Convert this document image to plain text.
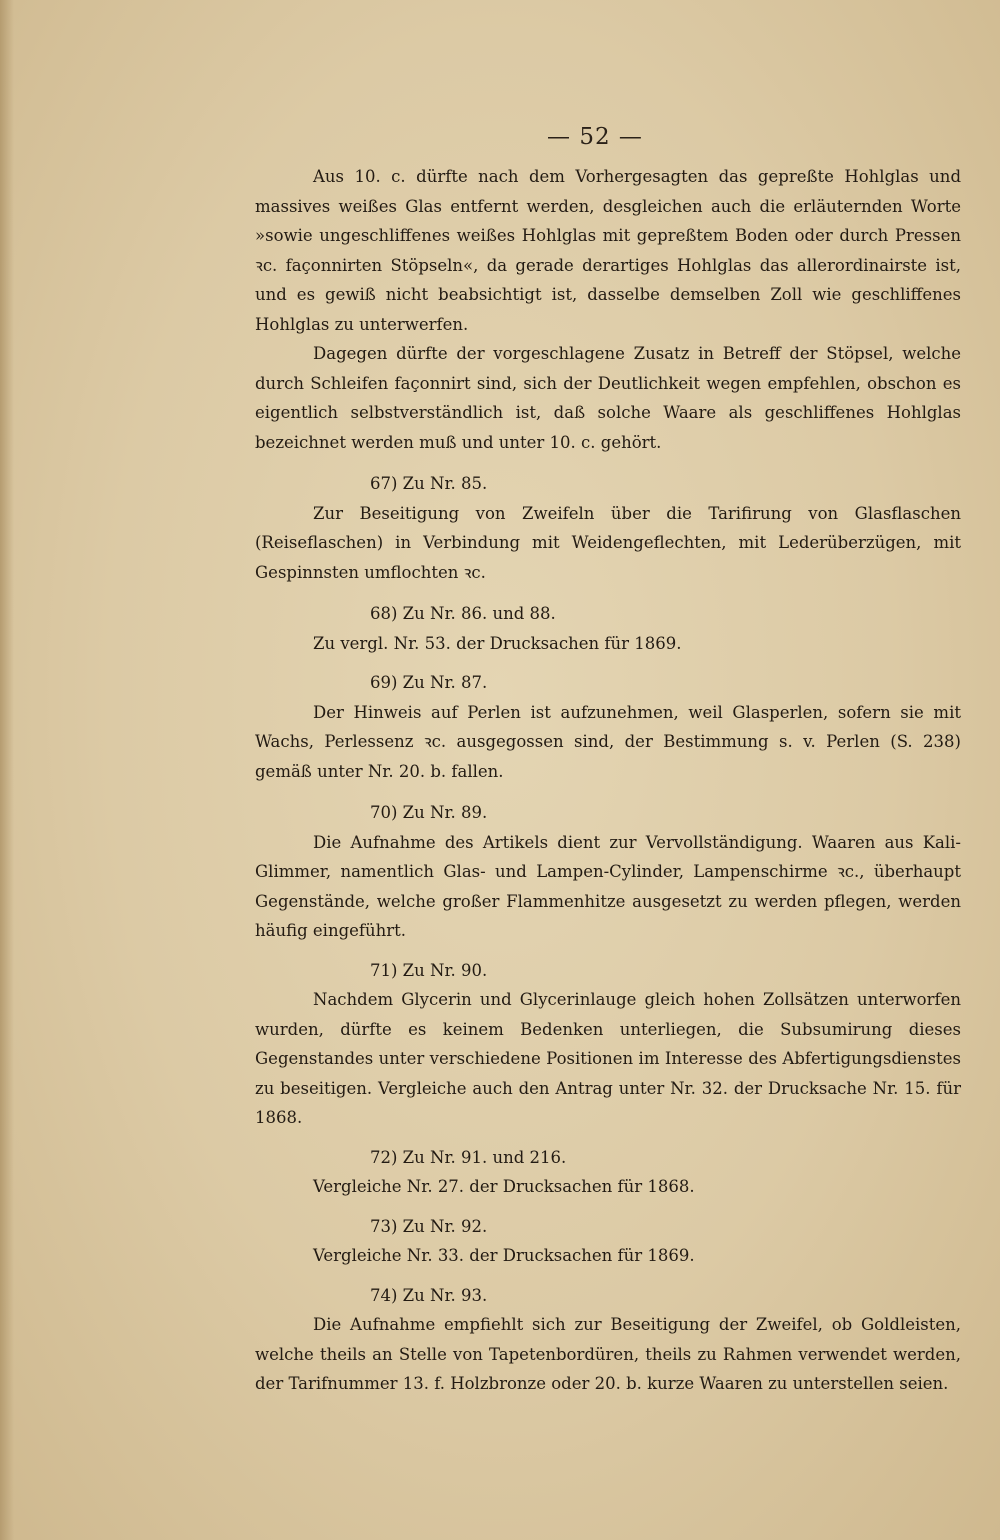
— 52 —

Aus 10. c. dürfte nach dem Vorhergesagten das gepreßte Hohlglas und massives weißes Glas entfernt werden, desgleichen auch die erläuternden Worte »sowie ungeschliffenes weißes Hohlglas mit gepreßtem Boden oder durch Pressen ꝛc. façonnirten Stöpseln«, da gerade derartiges Hohlglas das allerordinairste ist, und es gewiß nicht beabsichtigt ist, dasselbe demselben Zoll wie geschliffenes Hohlglas zu unterwerfen.

Dagegen dürfte der vorgeschlagene Zusatz in Betreff der Stöpsel, welche durch Schleifen façonnirt sind, sich der Deutlichkeit wegen empfehlen, obschon es eigentlich selbstverständlich ist, daß solche Waare als geschliffenes Hohlglas bezeichnet werden muß und unter 10. c. gehört.

67) Zu Nr. 85.

Zur Beseitigung von Zweifeln über die Tarifirung von Glasflaschen (Reiseflaschen) in Verbindung mit Weidengeflechten, mit Lederüberzügen, mit Gespinnsten umflochten ꝛc.

68) Zu Nr. 86. und 88.

Zu vergl. Nr. 53. der Drucksachen für 1869.

69) Zu Nr. 87.

Der Hinweis auf Perlen ist aufzunehmen, weil Glasperlen, sofern sie mit Wachs, Perlessenz ꝛc. ausgegossen sind, der Bestimmung s. v. Perlen (S. 238) gemäß unter Nr. 20. b. fallen.

70) Zu Nr. 89.

Die Aufnahme des Artikels dient zur Vervollständigung. Waaren aus Kali-Glimmer, namentlich Glas- und Lampen-Cylinder, Lampenschirme ꝛc., überhaupt Gegenstände, welche großer Flammenhitze ausgesetzt zu werden pflegen, werden häufig eingeführt.

71) Zu Nr. 90.

Nachdem Glycerin und Glycerinlauge gleich hohen Zollsätzen unterworfen wurden, dürfte es keinem Bedenken unterliegen, die Subsumirung dieses Gegenstandes unter verschiedene Positionen im Interesse des Abfertigungsdienstes zu beseitigen. Vergleiche auch den Antrag unter Nr. 32. der Drucksache Nr. 15. für 1868.

72) Zu Nr. 91. und 216.

Vergleiche Nr. 27. der Drucksachen für 1868.

73) Zu Nr. 92.

Vergleiche Nr. 33. der Drucksachen für 1869.

74) Zu Nr. 93.

Die Aufnahme empfiehlt sich zur Beseitigung der Zweifel, ob Goldleisten, welche theils an Stelle von Tapetenbordüren, theils zu Rahmen verwendet werden, der Tarifnummer 13. f. Holzbronze oder 20. b. kurze Waaren zu unterstellen seien.
